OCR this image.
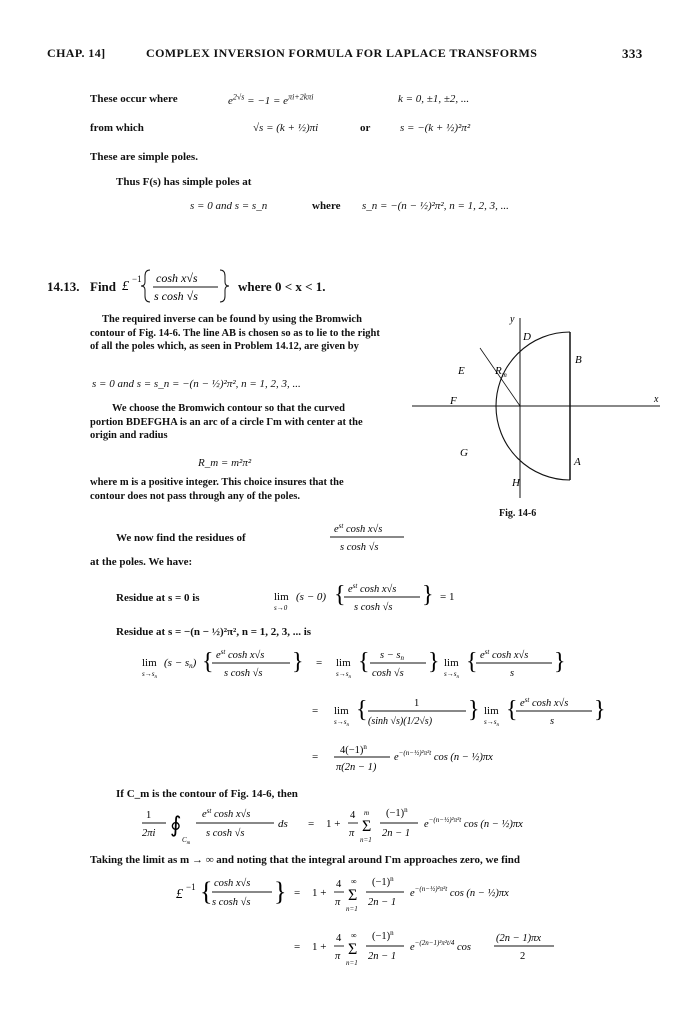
CHAP. 14]	COMPLEX INVERSION FORMULA FOR LAPLACE TRANSFORMS	333
These occur where	$e^{2√s} = -1 = e^{\pi i+2k\pi i}$	k = 0, ±1, ±2, ...
from which	√s = (k + ½)πi	or	s = −(k + ½)²π²
These are simple poles.
Thus F(s) has simple poles at
s = 0 and s = s_n	where s_n = −(n − ½)²π², n = 1, 2, 3, ...
14.13. Find £ −1 cosh x√s
s cosh √s
where 0 < x < 1.
The required inverse can be found by using the Bromwich contour of Fig. 14-6. The line AB is chosen so as to lie to the right of all the poles which, as seen in Problem 14.12, are given by
s = 0 and s = s_n = −(n − ½)²π², n = 1, 2, 3, ...
We choose the Bromwich contour so that the curved portion BDEFGHA is an arc of a circle Γm with center at the origin and radius
R_m = m²π²
where m is a positive integer. This choice insures that the contour does not pass through any of the poles.
y
x
D
B
E	$R_m$
F
G
A
H
Fig. 14-6
We now find the residues of
$e^{st}$ cosh x√s
s cosh √s
at the poles. We have:
Residue at s = 0 is	lim
s→0
(s − 0) { $e^{st}$ cosh x√s
s cosh √s } = 1
Residue at s = −(n − ½)²π², n = 1, 2, 3, ... is
lim
$s\to s_n$
(s − sn) { $e^{st}$ cosh x√s
s cosh √s } = lim
$s\to s_n$
{ s − sn
cosh √s } lim
$s\to s_n$
{ $e^{st}$ cosh x√s
s }
= lim
$s\to s_n$
{	1
(sinh √s)(1/2√s) } lim
$s\to s_n$
{ $e^{st}$ cosh x√s
s }
=
$4(-1)^n$
π(2n − 1)
$e^{-(n-\frac{1}{2})^2\pi^2t}$ cos (n − ½)πx
If C_m is the contour of Fig. 14-6, then
1
2πi ∮
$C_m$
$e^{st}$ cosh x√s
s cosh √s
ds = 1 +
4
π
m
Σ
n=1
$(-1)^n$
2n − 1
$e^{-(n-\frac{1}{2})^2\pi^2t}$ cos (n − ½)πx
Taking the limit as m → ∞ and noting that the integral around Γm approaches zero, we find
£ −1 { cosh x√s
s cosh √s } = 1 +
4
π
∞
Σ
n=1
$(-1)^n$
2n − 1
$e^{-(n-\frac{1}{2})^2\pi^2t}$ cos (n − ½)πx
= 1 +
4
π
∞
Σ
n=1
$(-1)^n$
2n − 1
$e^{-(2n-1)^2\pi^2t/4}$ cos
(2n − 1)πx
2
